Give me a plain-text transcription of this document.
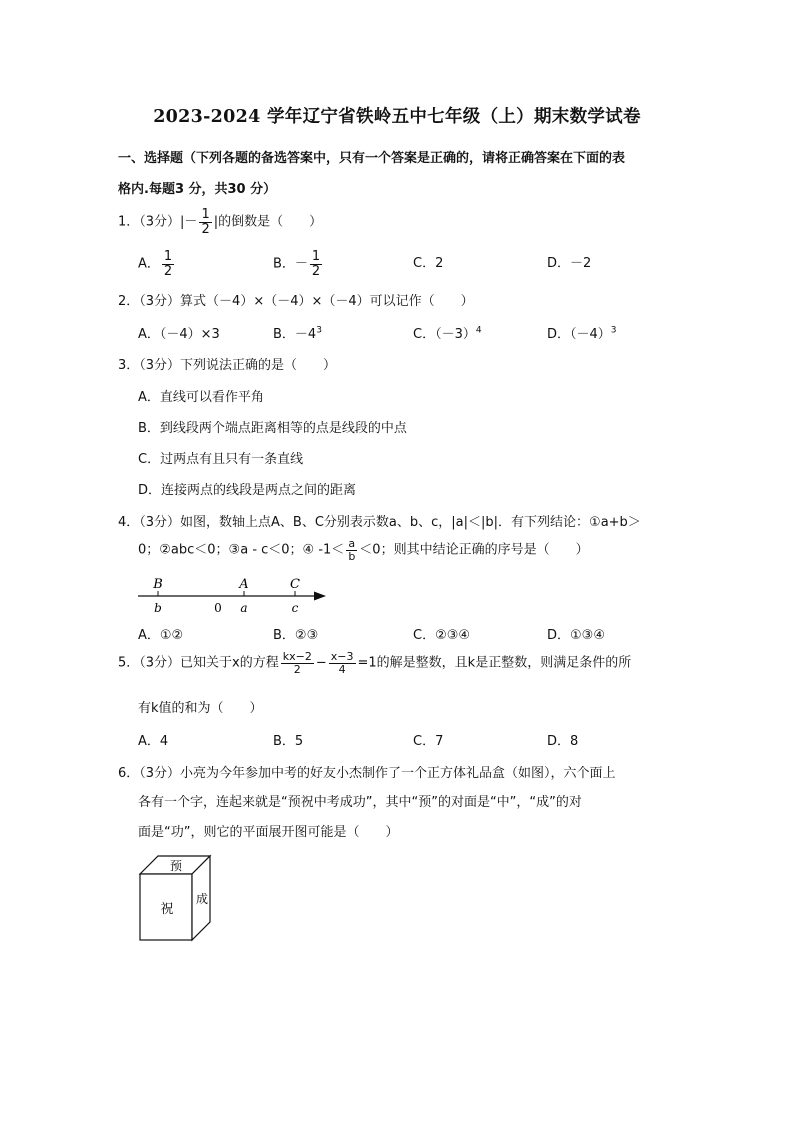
2023-2024 学年辽宁省铁岭五中七年级（上）期末数学试卷
一、选择题（下列各题的备选答案中，只有一个答案是正确的，请将正确答案在下面的表
格内.每题3 分，共30 分）
1．（3分）|－ $\frac{1}{2}$ |的倒数是（　　）
A． $\frac{1}{2}$	B．－ $\frac{1}{2}$	C．2	D．－2
2．（3分）算式（－4）×（－4）×（－4）可以记作（　　）
A．（－4）×3	B．$-4^3$	C．$(-3)^4$	D．$(-4)^3$
3．（3分）下列说法正确的是（　　）
A．直线可以看作平角
B．到线段两个端点距离相等的点是线段的中点
C．过两点有且只有一条直线
D．连接两点的线段是两点之间的距离
4．（3分）如图，数轴上点A、B、C分别表示数a、b、c，|a|＜|b|．有下列结论：①a+b＞
0；②abc＜0；③a - c＜0；④ $-1< \frac{a}{b} <0$；则其中结论正确的序号是（　　）
B	A	C
b	0 a	c
A．①②	B．②③	C．②③④	D．①③④
5．（3分）已知关于x的方程 $\frac{kx-2}{2} - \frac{x-3}{4} =1$的解是整数，且k是正整数，则满足条件的所
有k值的和为（　　）
A．4	B．5	C．7	D．8
6．（3分）小亮为今年参加中考的好友小杰制作了一个正方体礼品盒（如图），六个面上
各有一个字，连起来就是“预祝中考成功”，其中“预”的对面是“中”，“成”的对
面是“功”，则它的平面展开图可能是（　　）
预
祝
成
